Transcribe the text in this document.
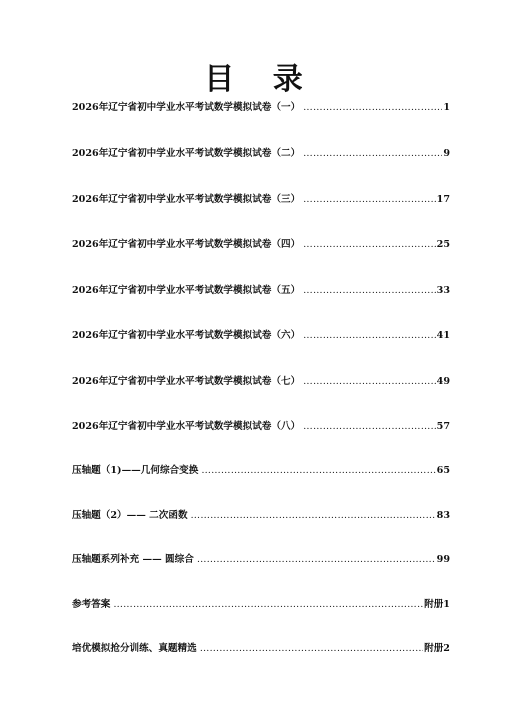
目 录
2026年辽宁省初中学业水平考试数学模拟试卷（一） …………………………………………………………………………………………………………………………………………………………………………	1
2026年辽宁省初中学业水平考试数学模拟试卷（二） …………………………………………………………………………………………………………………………………………………………………………	9
2026年辽宁省初中学业水平考试数学模拟试卷（三） …………………………………………………………………………………………………………………………………………………………………………	17
2026年辽宁省初中学业水平考试数学模拟试卷（四） …………………………………………………………………………………………………………………………………………………………………………	25
2026年辽宁省初中学业水平考试数学模拟试卷（五） …………………………………………………………………………………………………………………………………………………………………………	33
2026年辽宁省初中学业水平考试数学模拟试卷（六） …………………………………………………………………………………………………………………………………………………………………………	41
2026年辽宁省初中学业水平考试数学模拟试卷（七） …………………………………………………………………………………………………………………………………………………………………………	49
2026年辽宁省初中学业水平考试数学模拟试卷（八） …………………………………………………………………………………………………………………………………………………………………………	57
压轴题（1)——几何综合变换 …………………………………………………………………………………………………………………………………………………………………………	65
压轴题（2）—— 二次函数 …………………………………………………………………………………………………………………………………………………………………………	83
压轴题系列补充 —— 圆综合 …………………………………………………………………………………………………………………………………………………………………………	99
参考答案 …………………………………………………………………………………………………………………………………………………………………………	附册1
培优模拟抢分训练、真题精选 …………………………………………………………………………………………………………………………………………………………………………	附册2
